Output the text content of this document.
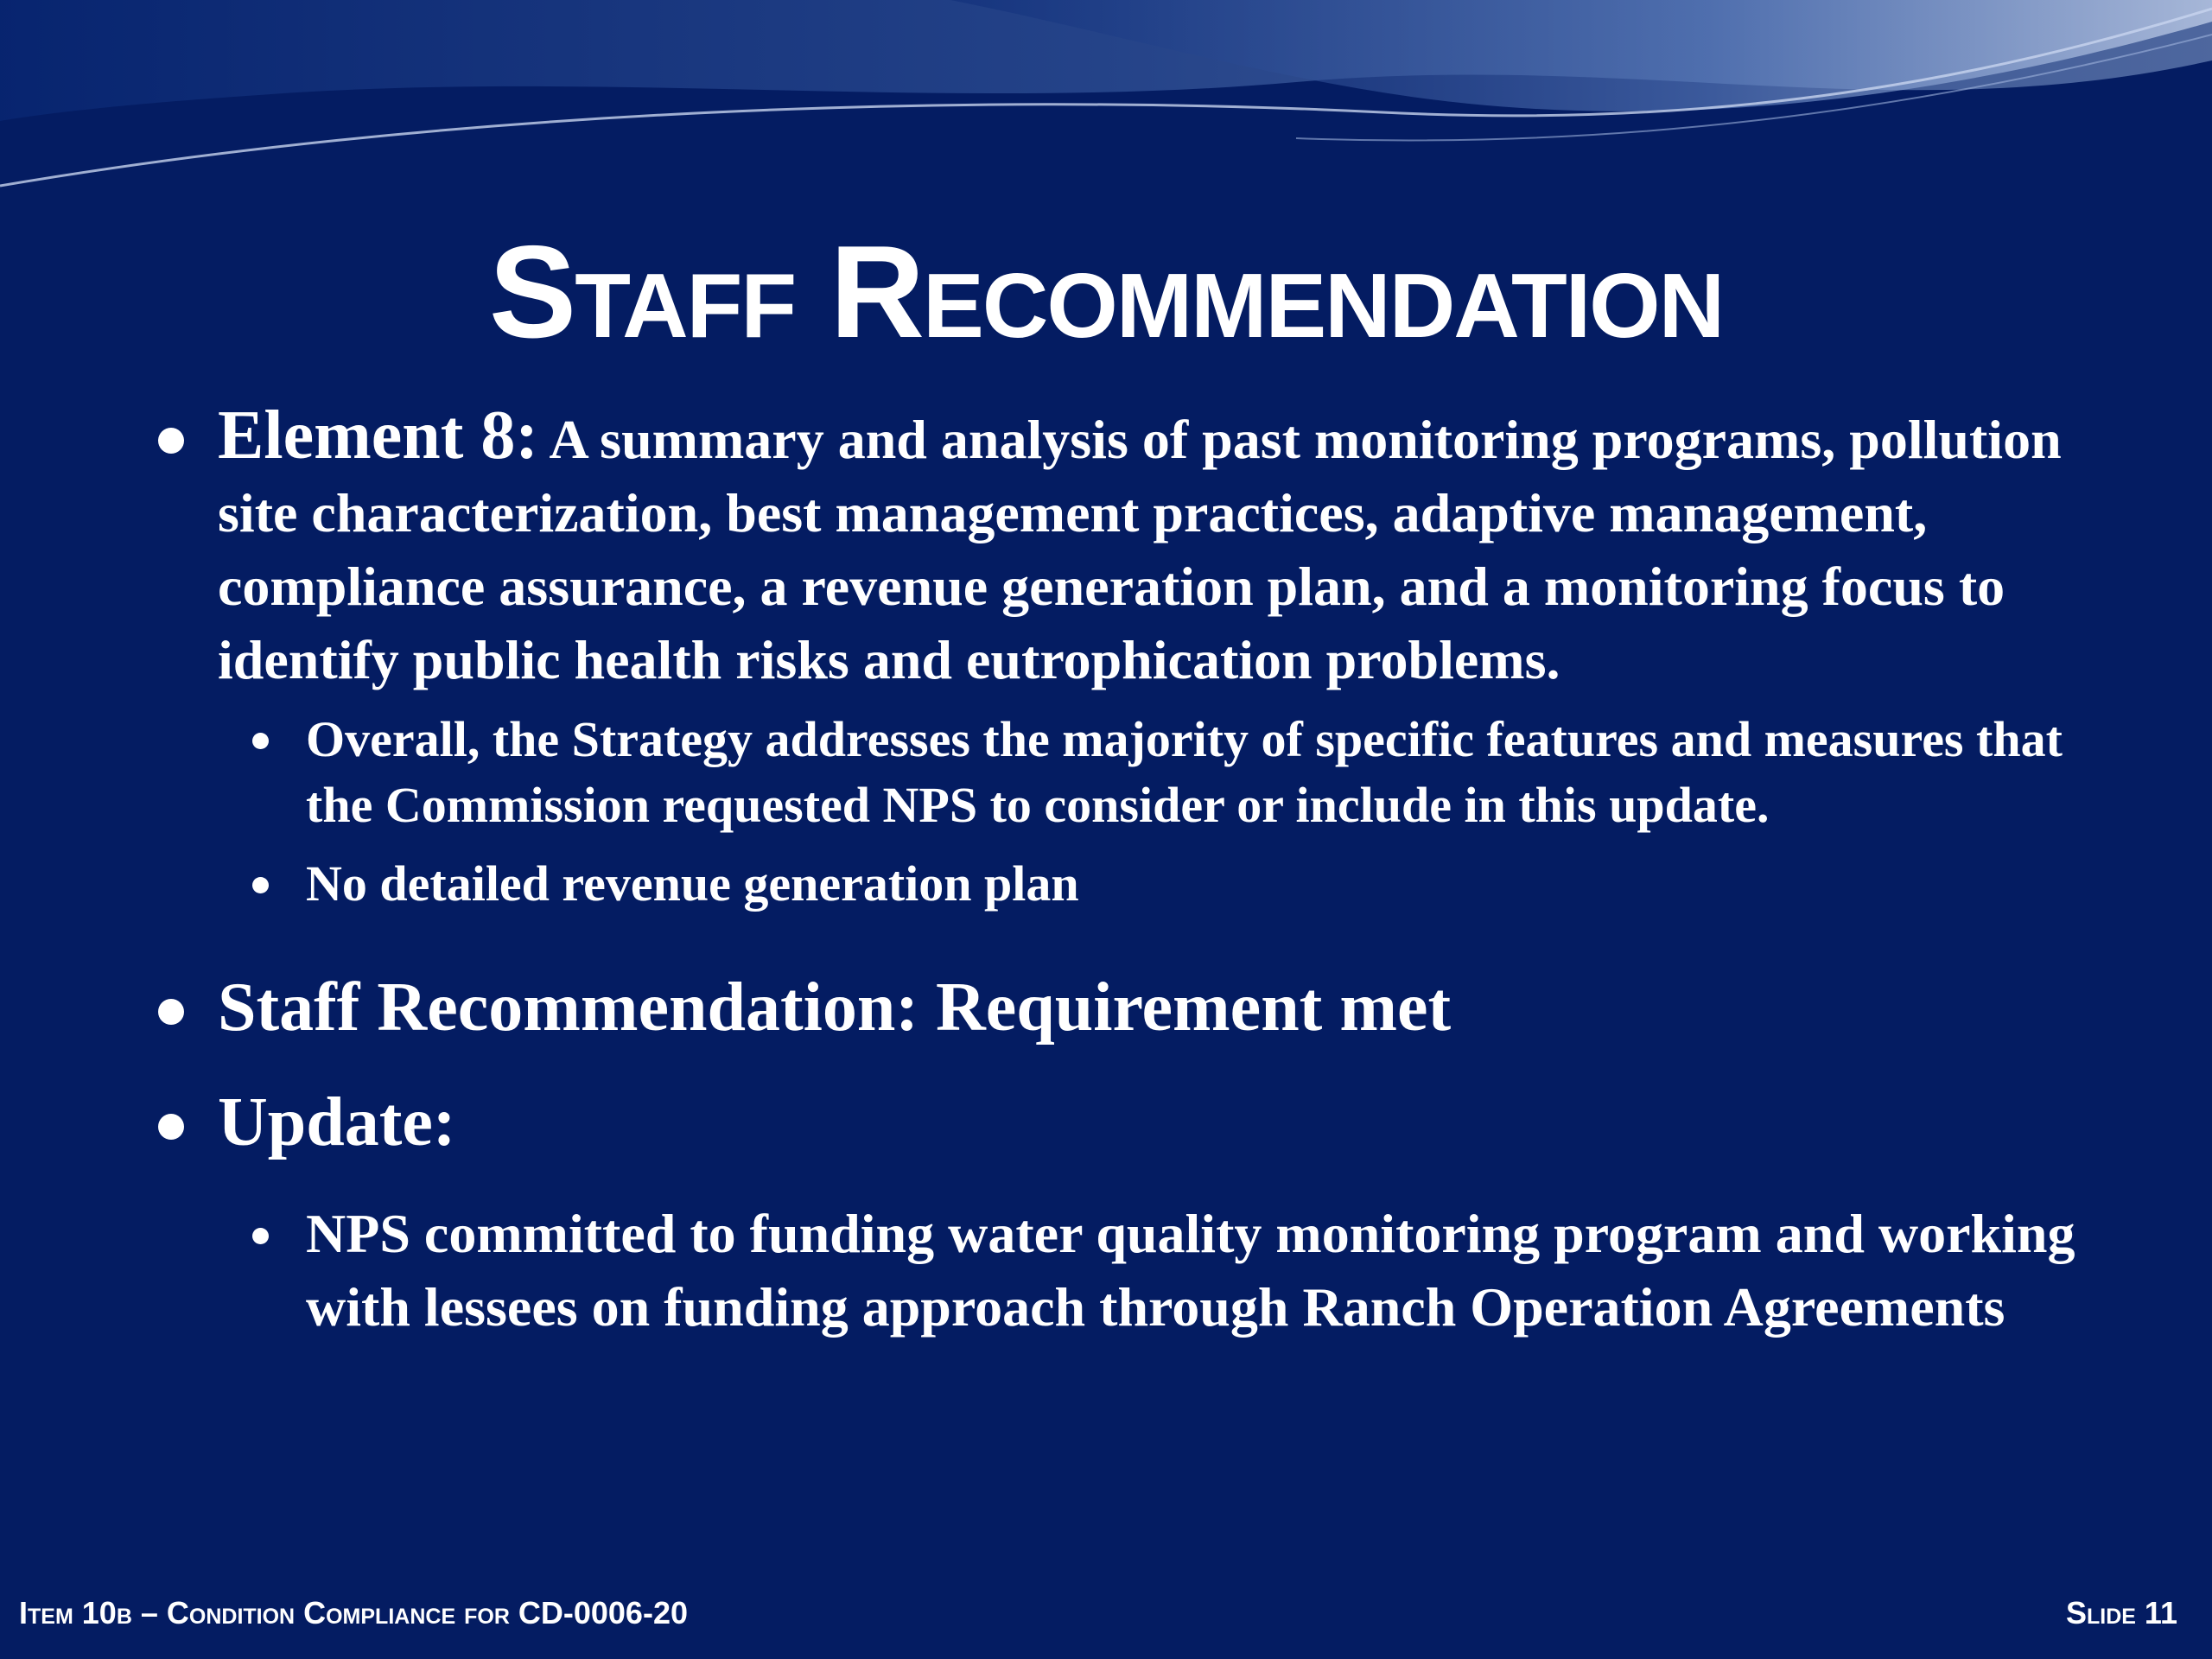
Staff Recommendation
Element 8: A summary and analysis of past monitoring programs, pollution site characterization, best management practices, adaptive management, compliance assurance, a revenue generation plan, and a monitoring focus to identify public health risks and eutrophication problems.
Overall, the Strategy addresses the majority of specific features and measures that the Commission requested NPS to consider or include in this update.
No detailed revenue generation plan
Staff Recommendation: Requirement met
Update:
NPS committed to funding water quality monitoring program and working with lessees on funding approach through Ranch Operation Agreements
Item 10b – Condition Compliance for CD-0006-20	Slide 11
